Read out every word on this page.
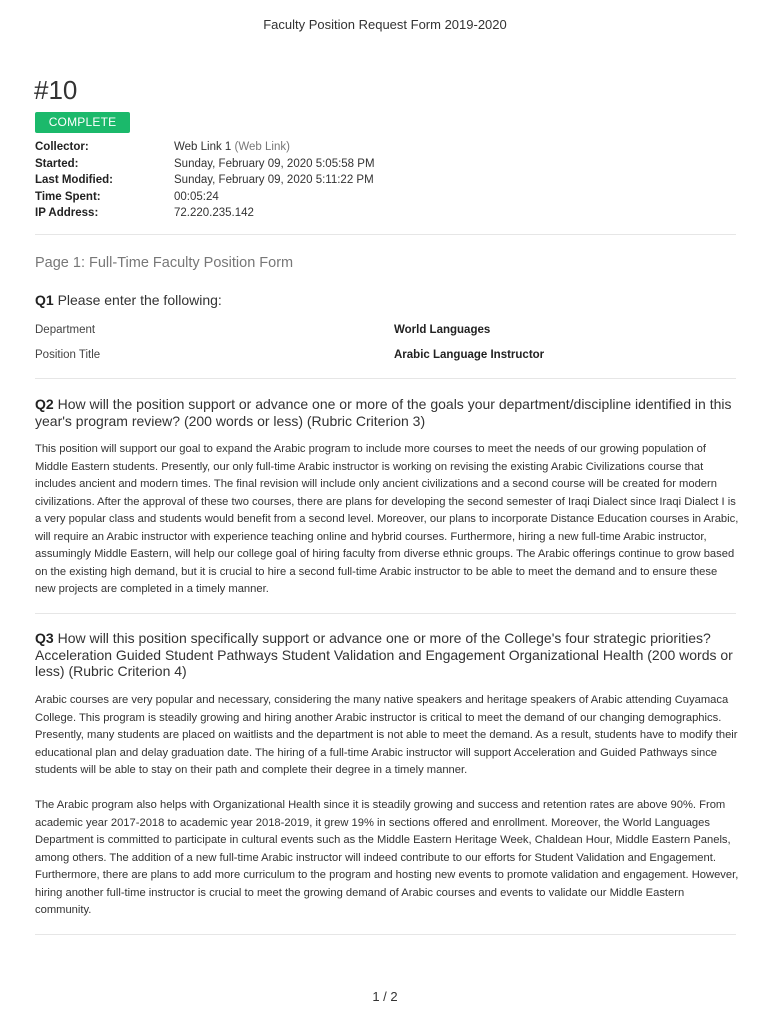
Faculty Position Request Form 2019-2020
#10
COMPLETE
Collector:	Web Link 1 (Web Link)
Started:	Sunday, February 09, 2020 5:05:58 PM
Last Modified:	Sunday, February 09, 2020 5:11:22 PM
Time Spent:	00:05:24
IP Address:	72.220.235.142
Page 1: Full-Time Faculty Position Form
Q1 Please enter the following:
Department	World Languages
Position Title	Arabic Language Instructor
Q2 How will the position support or advance one or more of the goals your department/discipline identified in this year's program review? (200 words or less) (Rubric Criterion 3)
This position will support our goal to expand the Arabic program to include more courses to meet the needs of our growing population of Middle Eastern students. Presently, our only full-time Arabic instructor is working on revising the existing Arabic Civilizations course that includes ancient and modern times. The final revision will include only ancient civilizations and a second course will be created for modern civilizations. After the approval of these two courses, there are plans for developing the second semester of Iraqi Dialect since Iraqi Dialect I is a very popular class and students would benefit from a second level. Moreover, our plans to incorporate Distance Education courses in Arabic, will require an Arabic instructor with experience teaching online and hybrid courses. Furthermore, hiring a new full-time Arabic instructor, assumingly Middle Eastern, will help our college goal of hiring faculty from diverse ethnic groups. The Arabic offerings continue to grow based on the existing high demand, but it is crucial to hire a second full-time Arabic instructor to be able to meet the demand and to ensure these new projects are completed in a timely manner.
Q3 How will this position specifically support or advance one or more of the College's four strategic priorities? Acceleration Guided Student Pathways Student Validation and Engagement Organizational Health (200 words or less) (Rubric Criterion 4)
Arabic courses are very popular and necessary, considering the many native speakers and heritage speakers of Arabic attending Cuyamaca College. This program is steadily growing and hiring another Arabic instructor is critical to meet the demand of our changing demographics. Presently, many students are placed on waitlists and the department is not able to meet the demand. As a result, students have to modify their educational plan and delay graduation date. The hiring of a full-time Arabic instructor will support Acceleration and Guided Pathways since students will be able to stay on their path and complete their degree in a timely manner.
The Arabic program also helps with Organizational Health since it is steadily growing and success and retention rates are above 90%. From academic year 2017-2018 to academic year 2018-2019, it grew 19% in sections offered and enrollment. Moreover, the World Languages Department is committed to participate in cultural events such as the Middle Eastern Heritage Week, Chaldean Hour, Middle Eastern Panels, among others. The addition of a new full-time Arabic instructor will indeed contribute to our efforts for Student Validation and Engagement. Furthermore, there are plans to add more curriculum to the program and hosting new events to promote validation and engagement. However, hiring another full-time instructor is crucial to meet the growing demand of Arabic courses and events to validate our Middle Eastern community.
1 / 2
